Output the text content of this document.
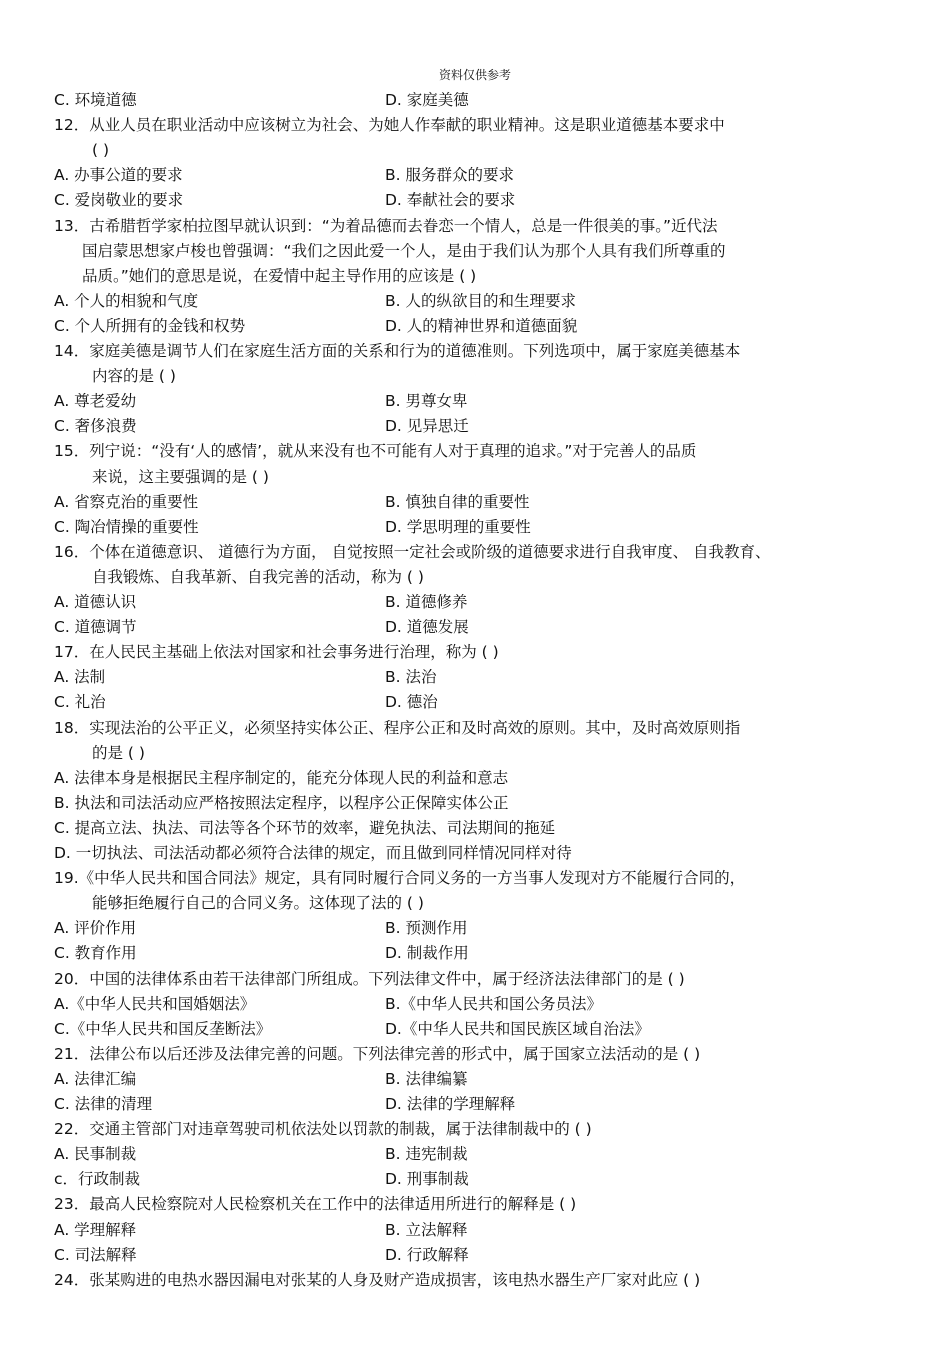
资料仅供参考
C. 环境道德	D. 家庭美德
12．从业人员在职业活动中应该树立为社会、为她人作奉献的职业精神。这是职业道德基本要求中
( )
A. 办事公道的要求	B. 服务群众的要求
C. 爱岗敬业的要求	D. 奉献社会的要求
13．古希腊哲学家柏拉图早就认识到：“为着品德而去眷恋一个情人，总是一件很美的事。”近代法
国启蒙思想家卢梭也曾强调：“我们之因此爱一个人，是由于我们认为那个人具有我们所尊重的
品质。”她们的意思是说，在爱情中起主导作用的应该是 ( )
A. 个人的相貌和气度	B. 人的纵欲目的和生理要求
C. 个人所拥有的金钱和权势	D. 人的精神世界和道德面貌
14．家庭美德是调节人们在家庭生活方面的关系和行为的道德准则。下列选项中，属于家庭美德基本
内容的是 ( )
A. 尊老爱幼	B. 男尊女卑
C. 奢侈浪费	D. 见异思迁
15．列宁说：“没有‘人的感情’，就从来没有也不可能有人对于真理的追求。”对于完善人的品质
来说，这主要强调的是 ( )
A. 省察克治的重要性	B. 慎独自律的重要性
C. 陶冶情操的重要性	D. 学思明理的重要性
16．个体在道德意识、 道德行为方面， 自觉按照一定社会或阶级的道德要求进行自我审度、 自我教育、
自我锻炼、自我革新、自我完善的活动，称为 ( )
A. 道德认识	B. 道德修养
C. 道德调节	D. 道德发展
17．在人民民主基础上依法对国家和社会事务进行治理，称为 ( )
A. 法制	B. 法治
C. 礼治	D. 德治
18．实现法治的公平正义，必须坚持实体公正、程序公正和及时高效的原则。其中，及时高效原则指
的是 ( )
A. 法律本身是根据民主程序制定的，能充分体现人民的利益和意志
B. 执法和司法活动应严格按照法定程序，以程序公正保障实体公正
C. 提高立法、执法、司法等各个环节的效率，避免执法、司法期间的拖延
D. 一切执法、司法活动都必须符合法律的规定，而且做到同样情况同样对待
19.《中华人民共和国合同法》规定，具有同时履行合同义务的一方当事人发现对方不能履行合同的，
能够拒绝履行自己的合同义务。这体现了法的 ( )
A. 评价作用	B. 预测作用
C. 教育作用	D. 制裁作用
20．中国的法律体系由若干法律部门所组成。下列法律文件中，属于经济法法律部门的是 ( )
A.《中华人民共和国婚姻法》	B.《中华人民共和国公务员法》
C.《中华人民共和国反垄断法》	D.《中华人民共和国民族区域自治法》
21．法律公布以后还涉及法律完善的问题。下列法律完善的形式中，属于国家立法活动的是 ( )
A. 法律汇编	B. 法律编纂
C. 法律的清理	D. 法律的学理解释
22．交通主管部门对违章驾驶司机依法处以罚款的制裁，属于法律制裁中的 ( )
A. 民事制裁	B. 违宪制裁
c．行政制裁	D. 刑事制裁
23．最高人民检察院对人民检察机关在工作中的法律适用所进行的解释是 ( )
A. 学理解释	B. 立法解释
C. 司法解释	D. 行政解释
24．张某购进的电热水器因漏电对张某的人身及财产造成损害，该电热水器生产厂家对此应 ( )
